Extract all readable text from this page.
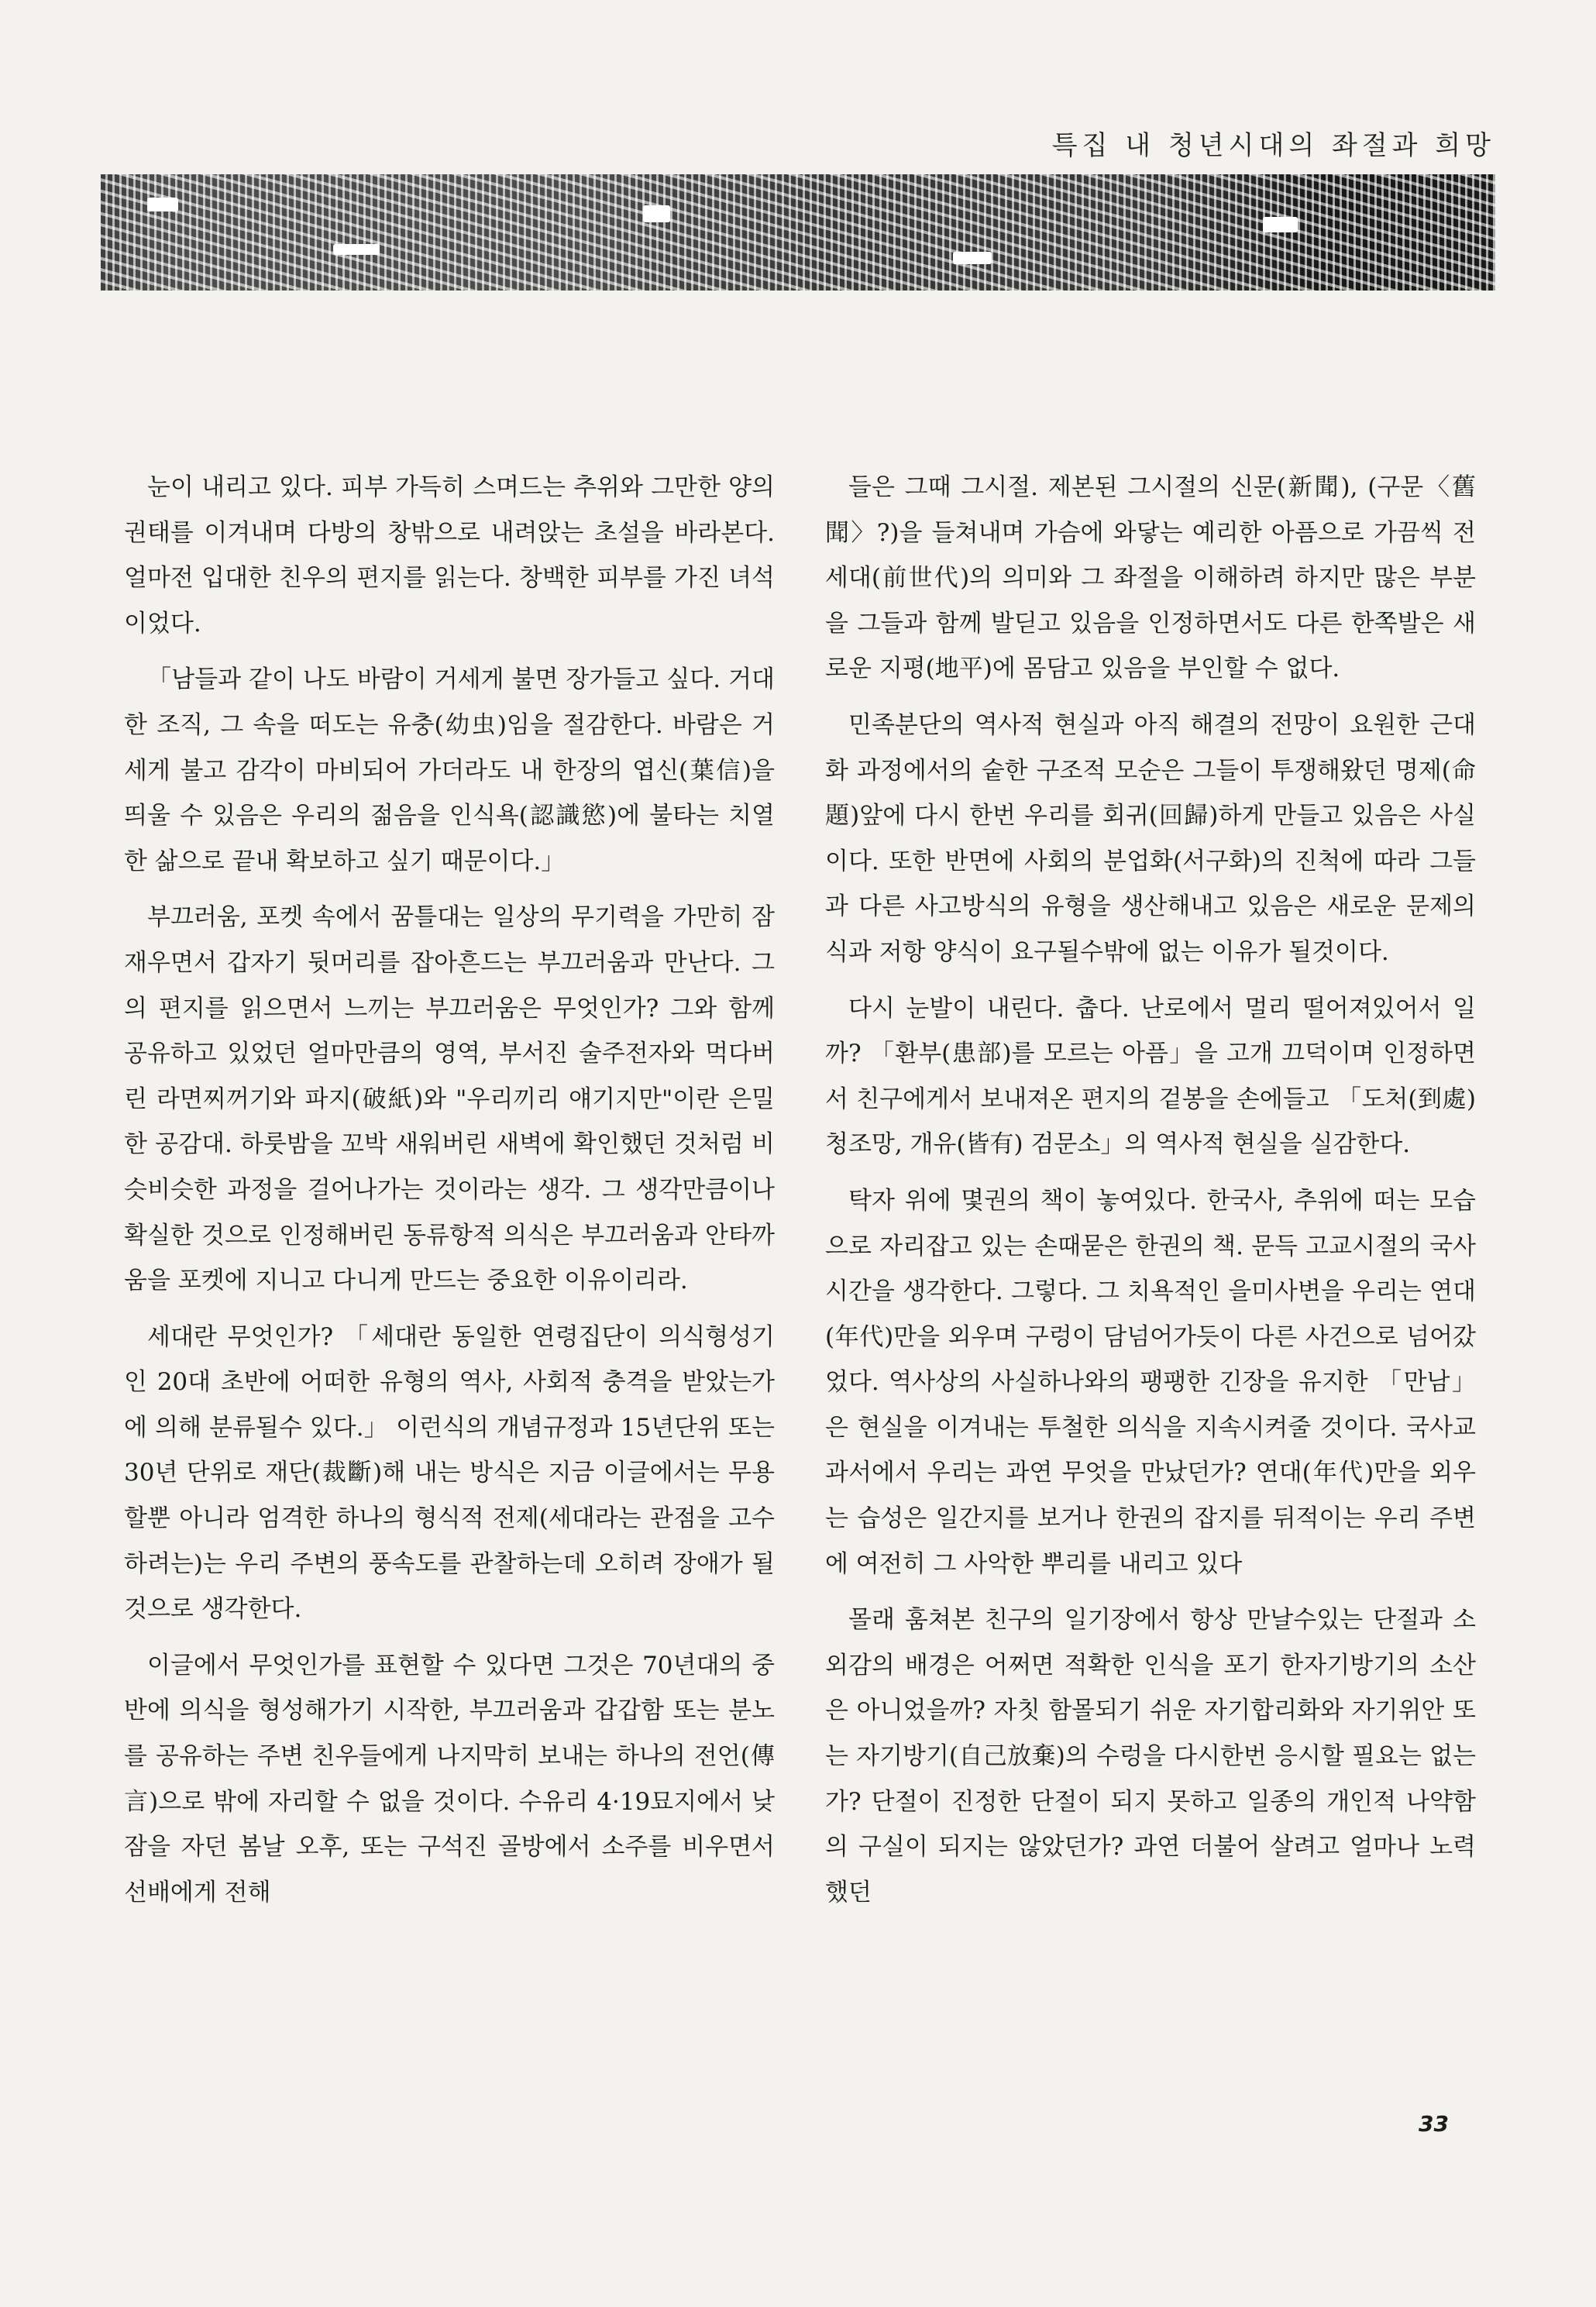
특집 내 청년시대의 좌절과 희망

눈이 내리고 있다. 피부 가득히 스며드는 추위와 그만한 양의 권태를 이겨내며 다방의 창밖으로 내려앉는 초설을 바라본다. 얼마전 입대한 친우의 편지를 읽는다. 창백한 피부를 가진 녀석이었다.

「남들과 같이 나도 바람이 거세게 불면 장가들고 싶다. 거대한 조직, 그 속을 떠도는 유충(幼虫)임을 절감한다. 바람은 거세게 불고 감각이 마비되어 가더라도 내 한장의 엽신(葉信)을 띄울 수 있음은 우리의 젊음을 인식욕(認識慾)에 불타는 치열한 삶으로 끝내 확보하고 싶기 때문이다.」

부끄러움, 포켓 속에서 꿈틀대는 일상의 무기력을 가만히 잠재우면서 갑자기 뒷머리를 잡아흔드는 부끄러움과 만난다. 그의 편지를 읽으면서 느끼는 부끄러움은 무엇인가? 그와 함께 공유하고 있었던 얼마만큼의 영역, 부서진 술주전자와 먹다버린 라면찌꺼기와 파지(破紙)와 "우리끼리 얘기지만"이란 은밀한 공감대. 하룻밤을 꼬박 새워버린 새벽에 확인했던 것처럼 비슷비슷한 과정을 걸어나가는 것이라는 생각. 그 생각만큼이나 확실한 것으로 인정해버린 동류항적 의식은 부끄러움과 안타까움을 포켓에 지니고 다니게 만드는 중요한 이유이리라.

세대란 무엇인가? 「세대란 동일한 연령집단이 의식형성기인 20대 초반에 어떠한 유형의 역사, 사회적 충격을 받았는가에 의해 분류될수 있다.」 이런식의 개념규정과 15년단위 또는 30년 단위로 재단(裁斷)해 내는 방식은 지금 이글에서는 무용할뿐 아니라 엄격한 하나의 형식적 전제(세대라는 관점을 고수하려는)는 우리 주변의 풍속도를 관찰하는데 오히려 장애가 될 것으로 생각한다.

이글에서 무엇인가를 표현할 수 있다면 그것은 70년대의 중반에 의식을 형성해가기 시작한, 부끄러움과 갑갑함 또는 분노를 공유하는 주변 친우들에게 나지막히 보내는 하나의 전언(傳言)으로 밖에 자리할 수 없을 것이다. 수유리 4·19묘지에서 낮잠을 자던 봄날 오후, 또는 구석진 골방에서 소주를 비우면서 선배에게 전해

들은 그때 그시절. 제본된 그시절의 신문(新聞), (구문〈舊聞〉?)을 들쳐내며 가슴에 와닿는 예리한 아픔으로 가끔씩 전세대(前世代)의 의미와 그 좌절을 이해하려 하지만 많은 부분을 그들과 함께 발딛고 있음을 인정하면서도 다른 한쪽발은 새로운 지평(地平)에 몸담고 있음을 부인할 수 없다.

민족분단의 역사적 현실과 아직 해결의 전망이 요원한 근대화 과정에서의 숱한 구조적 모순은 그들이 투쟁해왔던 명제(命題)앞에 다시 한번 우리를 회귀(回歸)하게 만들고 있음은 사실이다. 또한 반면에 사회의 분업화(서구화)의 진척에 따라 그들과 다른 사고방식의 유형을 생산해내고 있음은 새로운 문제의식과 저항 양식이 요구될수밖에 없는 이유가 될것이다.

다시 눈발이 내린다. 춥다. 난로에서 멀리 떨어져있어서 일까? 「환부(患部)를 모르는 아픔」을 고개 끄덕이며 인정하면서 친구에게서 보내져온 편지의 겉봉을 손에들고 「도처(到處) 청조망, 개유(皆有) 검문소」의 역사적 현실을 실감한다.

탁자 위에 몇권의 책이 놓여있다. 한국사, 추위에 떠는 모습으로 자리잡고 있는 손때묻은 한권의 책. 문득 고교시절의 국사시간을 생각한다. 그렇다. 그 치욕적인 을미사변을 우리는 연대(年代)만을 외우며 구렁이 담넘어가듯이 다른 사건으로 넘어갔었다. 역사상의 사실하나와의 팽팽한 긴장을 유지한 「만남」은 현실을 이겨내는 투철한 의식을 지속시켜줄 것이다. 국사교과서에서 우리는 과연 무엇을 만났던가? 연대(年代)만을 외우는 습성은 일간지를 보거나 한권의 잡지를 뒤적이는 우리 주변에 여전히 그 사악한 뿌리를 내리고 있다

몰래 훔쳐본 친구의 일기장에서 항상 만날수있는 단절과 소외감의 배경은 어쩌면 적확한 인식을 포기 한자기방기의 소산은 아니었을까? 자칫 함몰되기 쉬운 자기합리화와 자기위안 또는 자기방기(自己放棄)의 수렁을 다시한번 응시할 필요는 없는가? 단절이 진정한 단절이 되지 못하고 일종의 개인적 나약함의 구실이 되지는 않았던가? 과연 더불어 살려고 얼마나 노력했던

33
